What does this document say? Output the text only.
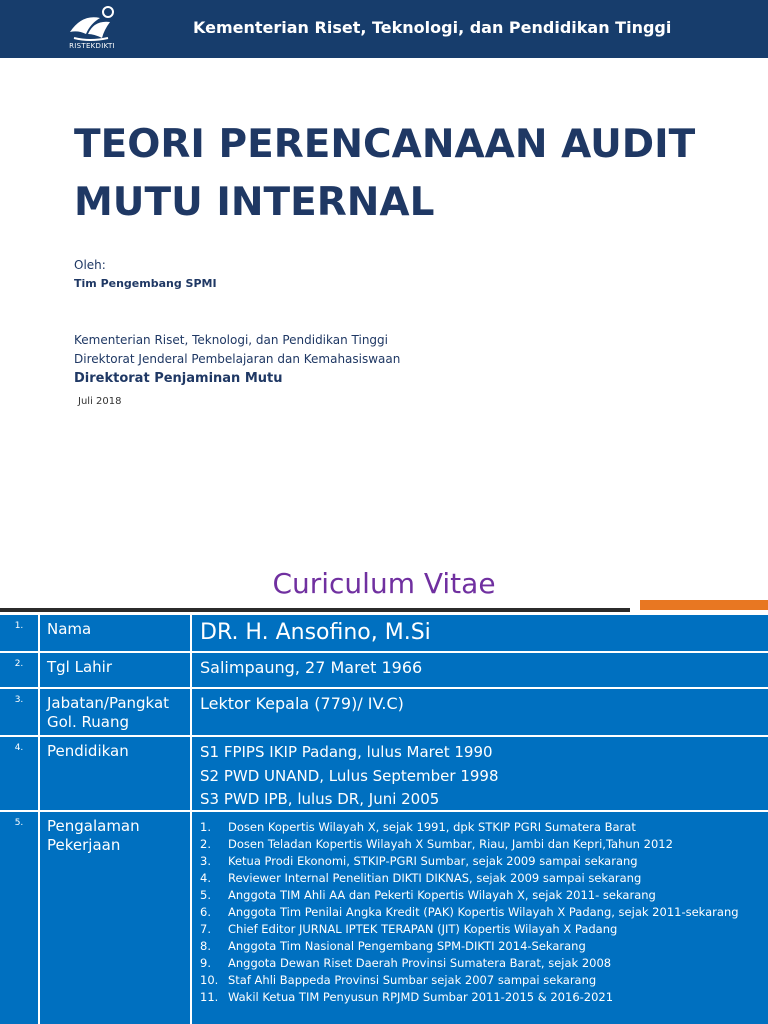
RISTEKDIKTI
Kementerian Riset, Teknologi, dan Pendidikan Tinggi
TEORI PERENCANAAN AUDIT
MUTU INTERNAL
Oleh:
Tim Pengembang SPMI
Kementerian Riset, Teknologi, dan Pendidikan Tinggi
Direktorat Jenderal Pembelajaran dan Kemahasiswaan
Direktorat Penjaminan Mutu
Juli 2018
Curiculum Vitae
1.	Nama	DR. H. Ansofino, M.Si
2.	Tgl Lahir	Salimpaung, 27 Maret 1966
3.	Jabatan/Pangkat Gol. Ruang
Lektor Kepala (779)/ IV.C)
4.	Pendidikan	S1 FPIPS IKIP Padang, lulus Maret 1990
S2 PWD UNAND, Lulus September 1998
S3 PWD IPB, lulus DR, Juni 2005
5.	Pengalaman Pekerjaan
1.	Dosen Kopertis Wilayah X, sejak 1991, dpk STKIP PGRI Sumatera Barat
2.	Dosen Teladan Kopertis Wilayah X Sumbar, Riau, Jambi dan Kepri,Tahun 2012
3.	Ketua Prodi Ekonomi, STKIP-PGRI Sumbar, sejak 2009 sampai sekarang
4.	Reviewer Internal Penelitian DIKTI DIKNAS, sejak 2009 sampai sekarang
5.	Anggota TIM Ahli AA dan Pekerti Kopertis Wilayah X, sejak 2011- sekarang
6.	Anggota Tim Penilai Angka Kredit (PAK) Kopertis Wilayah X Padang, sejak 2011-sekarang
7.	Chief Editor JURNAL IPTEK TERAPAN (JIT) Kopertis Wilayah X Padang
8.	Anggota Tim Nasional Pengembang SPM-DIKTI 2014-Sekarang
9.	Anggota Dewan Riset Daerah Provinsi Sumatera Barat, sejak 2008
10. Staf Ahli Bappeda Provinsi Sumbar sejak 2007 sampai sekarang
11. Wakil Ketua TIM Penyusun RPJMD Sumbar 2011-2015 & 2016-2021
